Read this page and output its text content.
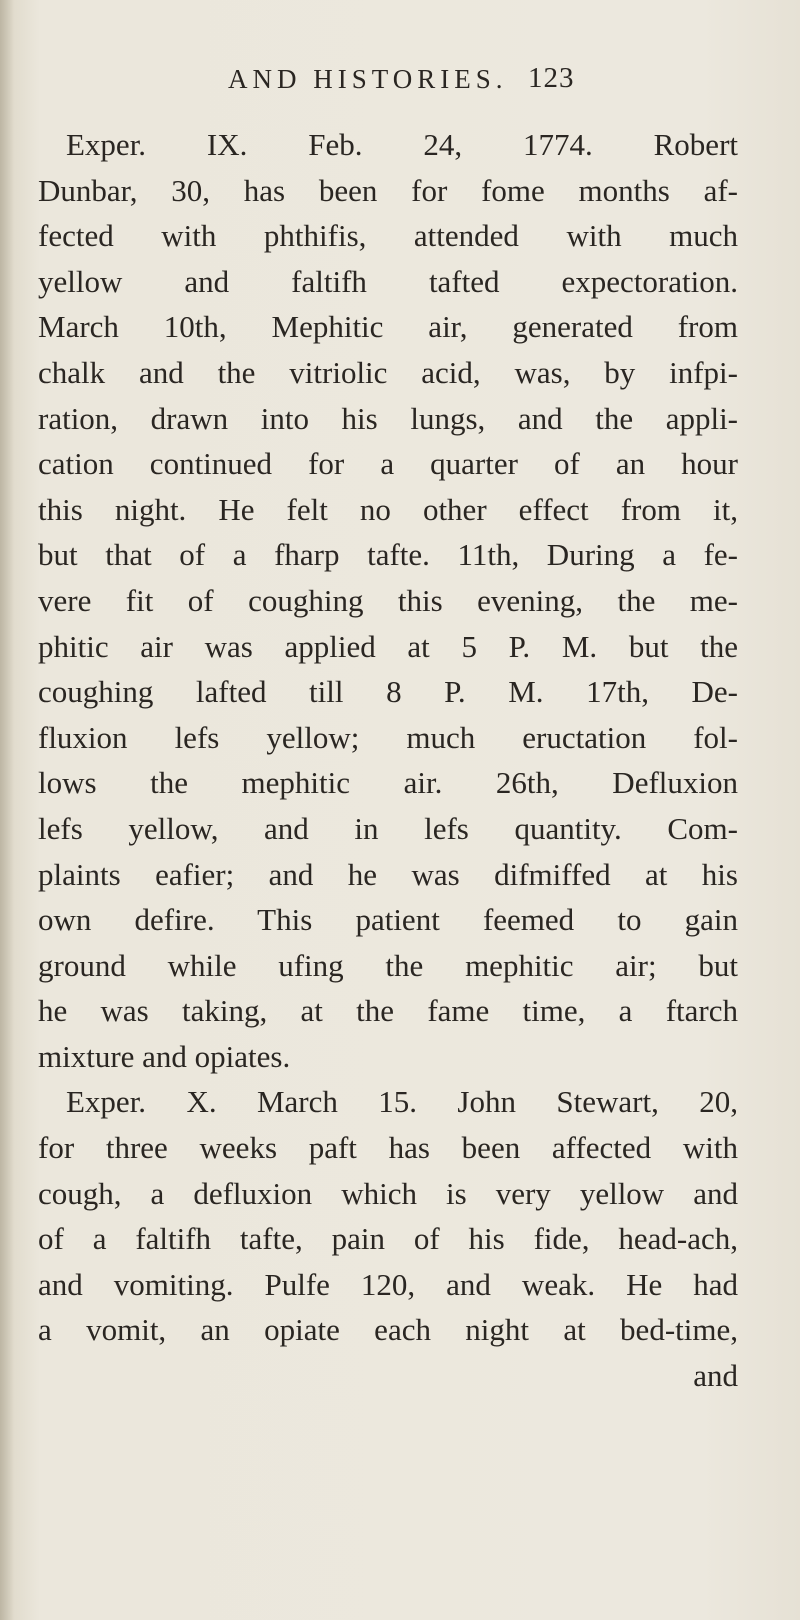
AND HISTORIES. 123
Exper. IX. Feb. 24, 1774. Robert
Dunbar, 30, has been for fome months af-
fected with phthifis, attended with much
yellow and faltifh tafted expectoration.
March 10th, Mephitic air, generated from
chalk and the vitriolic acid, was, by infpi-
ration, drawn into his lungs, and the appli-
cation continued for a quarter of an hour
this night. He felt no other effect from it,
but that of a fharp tafte. 11th, During a fe-
vere fit of coughing this evening, the me-
phitic air was applied at 5 P. M. but the
coughing lafted till 8 P. M. 17th, De-
fluxion lefs yellow; much eructation fol-
lows the mephitic air. 26th, Defluxion
lefs yellow, and in lefs quantity. Com-
plaints eafier; and he was difmiffed at his
own defire. This patient feemed to gain
ground while ufing the mephitic air; but
he was taking, at the fame time, a ftarch
mixture and opiates.
Exper. X. March 15. John Stewart, 20,
for three weeks paft has been affected with
cough, a defluxion which is very yellow and
of a faltifh tafte, pain of his fide, head-ach,
and vomiting. Pulfe 120, and weak. He had
a vomit, an opiate each night at bed-time,
and
